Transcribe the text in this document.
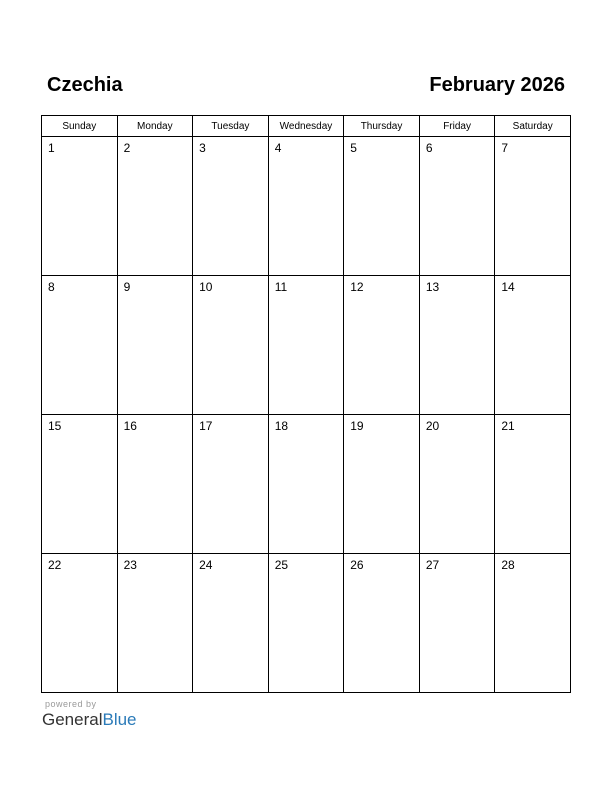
Czechia	February 2026
Sunday	Monday	Tuesday	Wednesday	Thursday	Friday	Saturday

1	2	3	4	5	6	7

8	9	10	11	12	13	14

15	16	17	18	19	20	21

22	23	24	25	26	27	28
powered by
GeneralBlue
